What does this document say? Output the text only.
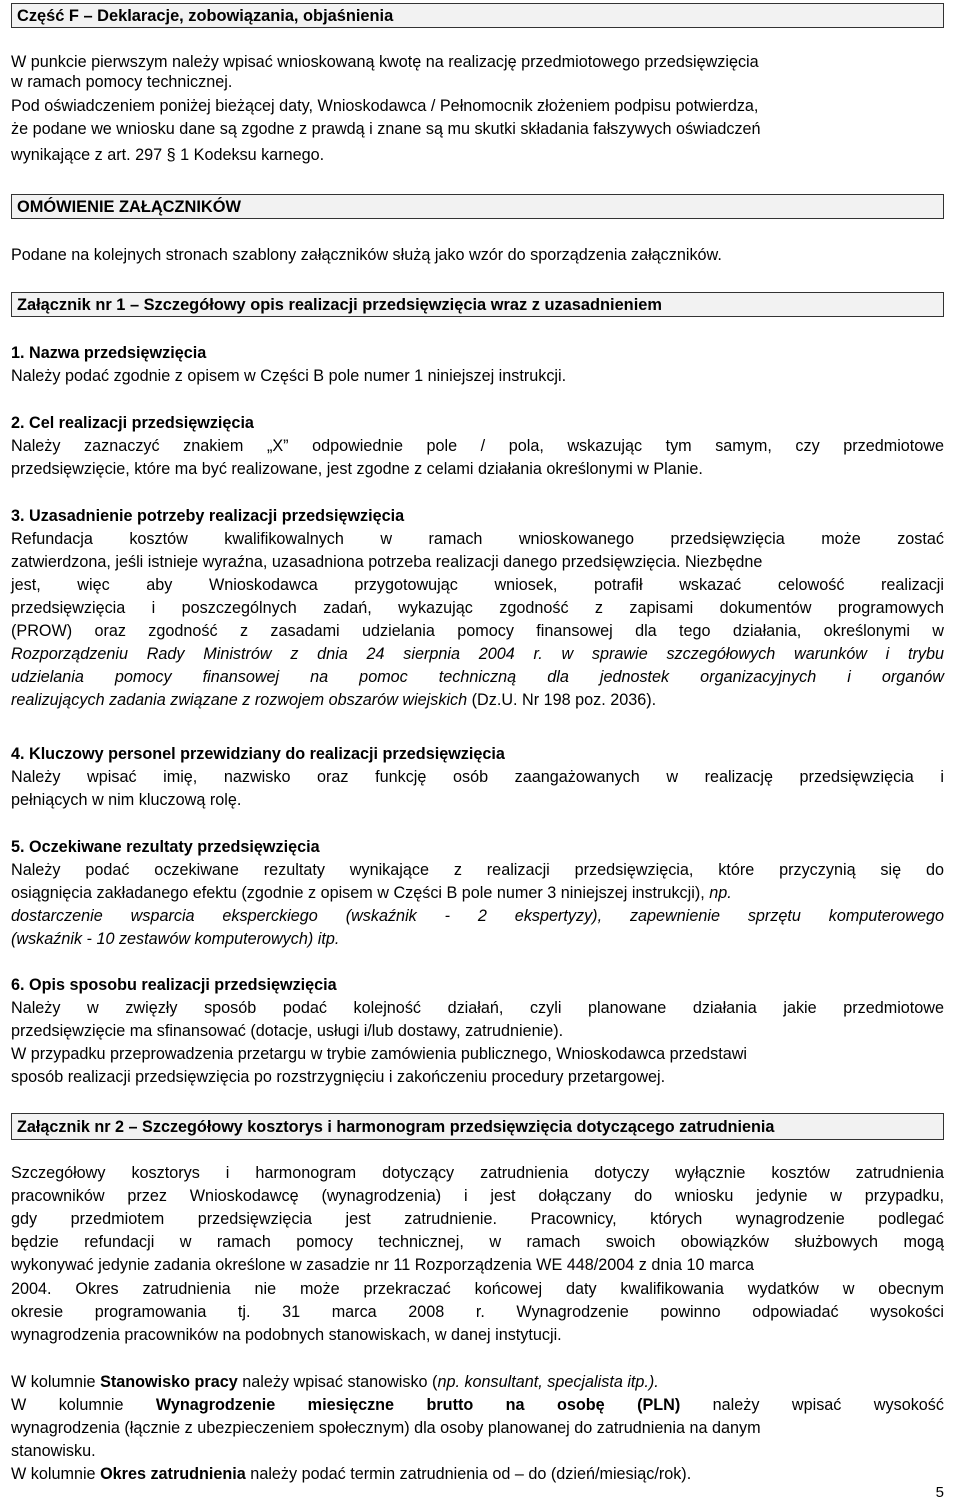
Część F – Deklaracje, zobowiązania, objaśnienia
W punkcie pierwszym należy wpisać wnioskowaną kwotę na realizację przedmiotowego przedsięwzięcia
w ramach pomocy technicznej.
Pod oświadczeniem poniżej bieżącej daty, Wnioskodawca / Pełnomocnik złożeniem podpisu potwierdza,
że podane we wniosku dane są zgodne z prawdą i znane są mu skutki składania fałszywych oświadczeń
wynikające z art. 297 § 1 Kodeksu karnego.
OMÓWIENIE ZAŁĄCZNIKÓW
Podane na kolejnych stronach szablony załączników służą jako wzór do sporządzenia załączników.
Załącznik nr 1 – Szczegółowy opis realizacji przedsięwzięcia wraz z uzasadnieniem
1. Nazwa przedsięwzięcia
Należy podać zgodnie z opisem w Części B pole numer 1 niniejszej instrukcji.
2. Cel realizacji przedsięwzięcia
Należy zaznaczyć znakiem „X” odpowiednie pole / pola, wskazując tym samym, czy przedmiotowe
przedsięwzięcie, które ma być realizowane, jest zgodne z celami działania określonymi w Planie.
3. Uzasadnienie potrzeby realizacji przedsięwzięcia
Refundacja kosztów kwalifikowalnych w ramach wnioskowanego przedsięwzięcia może zostać
zatwierdzona, jeśli istnieje wyraźna, uzasadniona potrzeba realizacji danego przedsięwzięcia. Niezbędne
jest, więc aby Wnioskodawca przygotowując wniosek, potrafił wskazać celowość realizacji
przedsięwzięcia i poszczególnych zadań, wykazując zgodność z zapisami dokumentów programowych
(PROW) oraz zgodność z zasadami udzielania pomocy finansowej dla tego działania, określonymi w
Rozporządzeniu Rady Ministrów z dnia 24 sierpnia 2004 r. w sprawie szczegółowych warunków i trybu
udzielania pomocy finansowej na pomoc techniczną dla jednostek organizacyjnych i organów
realizujących zadania związane z rozwojem obszarów wiejskich (Dz.U. Nr 198 poz. 2036).
4. Kluczowy personel przewidziany do realizacji przedsięwzięcia
Należy wpisać imię, nazwisko oraz funkcję osób zaangażowanych w realizację przedsięwzięcia i
pełniących w nim kluczową rolę.
5. Oczekiwane rezultaty przedsięwzięcia
Należy podać oczekiwane rezultaty wynikające z realizacji przedsięwzięcia, które przyczynią się do
osiągnięcia zakładanego efektu (zgodnie z opisem w Części B pole numer 3 niniejszej instrukcji), np.
dostarczenie wsparcia eksperckiego (wskaźnik - 2 ekspertyzy), zapewnienie sprzętu komputerowego
(wskaźnik - 10 zestawów komputerowych) itp.
6. Opis sposobu realizacji przedsięwzięcia
Należy w zwięzły sposób podać kolejność działań, czyli planowane działania jakie przedmiotowe
przedsięwzięcie ma sfinansować (dotacje, usługi i/lub dostawy, zatrudnienie).
W przypadku przeprowadzenia przetargu w trybie zamówienia publicznego, Wnioskodawca przedstawi
sposób realizacji przedsięwzięcia po rozstrzygnięciu i zakończeniu procedury przetargowej.
Załącznik nr 2 – Szczegółowy kosztorys i harmonogram przedsięwzięcia dotyczącego zatrudnienia
Szczegółowy kosztorys i harmonogram dotyczący zatrudnienia dotyczy wyłącznie kosztów zatrudnienia
pracowników przez Wnioskodawcę (wynagrodzenia) i jest dołączany do wniosku jedynie w przypadku,
gdy przedmiotem przedsięwzięcia jest zatrudnienie. Pracownicy, których wynagrodzenie podlegać
będzie refundacji w ramach pomocy technicznej, w ramach swoich obowiązków służbowych mogą
wykonywać jedynie zadania określone w zasadzie nr 11 Rozporządzenia WE 448/2004 z dnia 10 marca
2004. Okres zatrudnienia nie może przekraczać końcowej daty kwalifikowania wydatków w obecnym
okresie programowania tj. 31 marca 2008 r. Wynagrodzenie powinno odpowiadać wysokości
wynagrodzenia pracowników na podobnych stanowiskach, w danej instytucji.
W kolumnie Stanowisko pracy należy wpisać stanowisko (np. konsultant, specjalista itp.).
W kolumnie Wynagrodzenie miesięczne brutto na osobę (PLN) należy wpisać wysokość
wynagrodzenia (łącznie z ubezpieczeniem społecznym) dla osoby planowanej do zatrudnienia na danym
stanowisku.
W kolumnie Okres zatrudnienia należy podać termin zatrudnienia od – do (dzień/miesiąc/rok).
5
